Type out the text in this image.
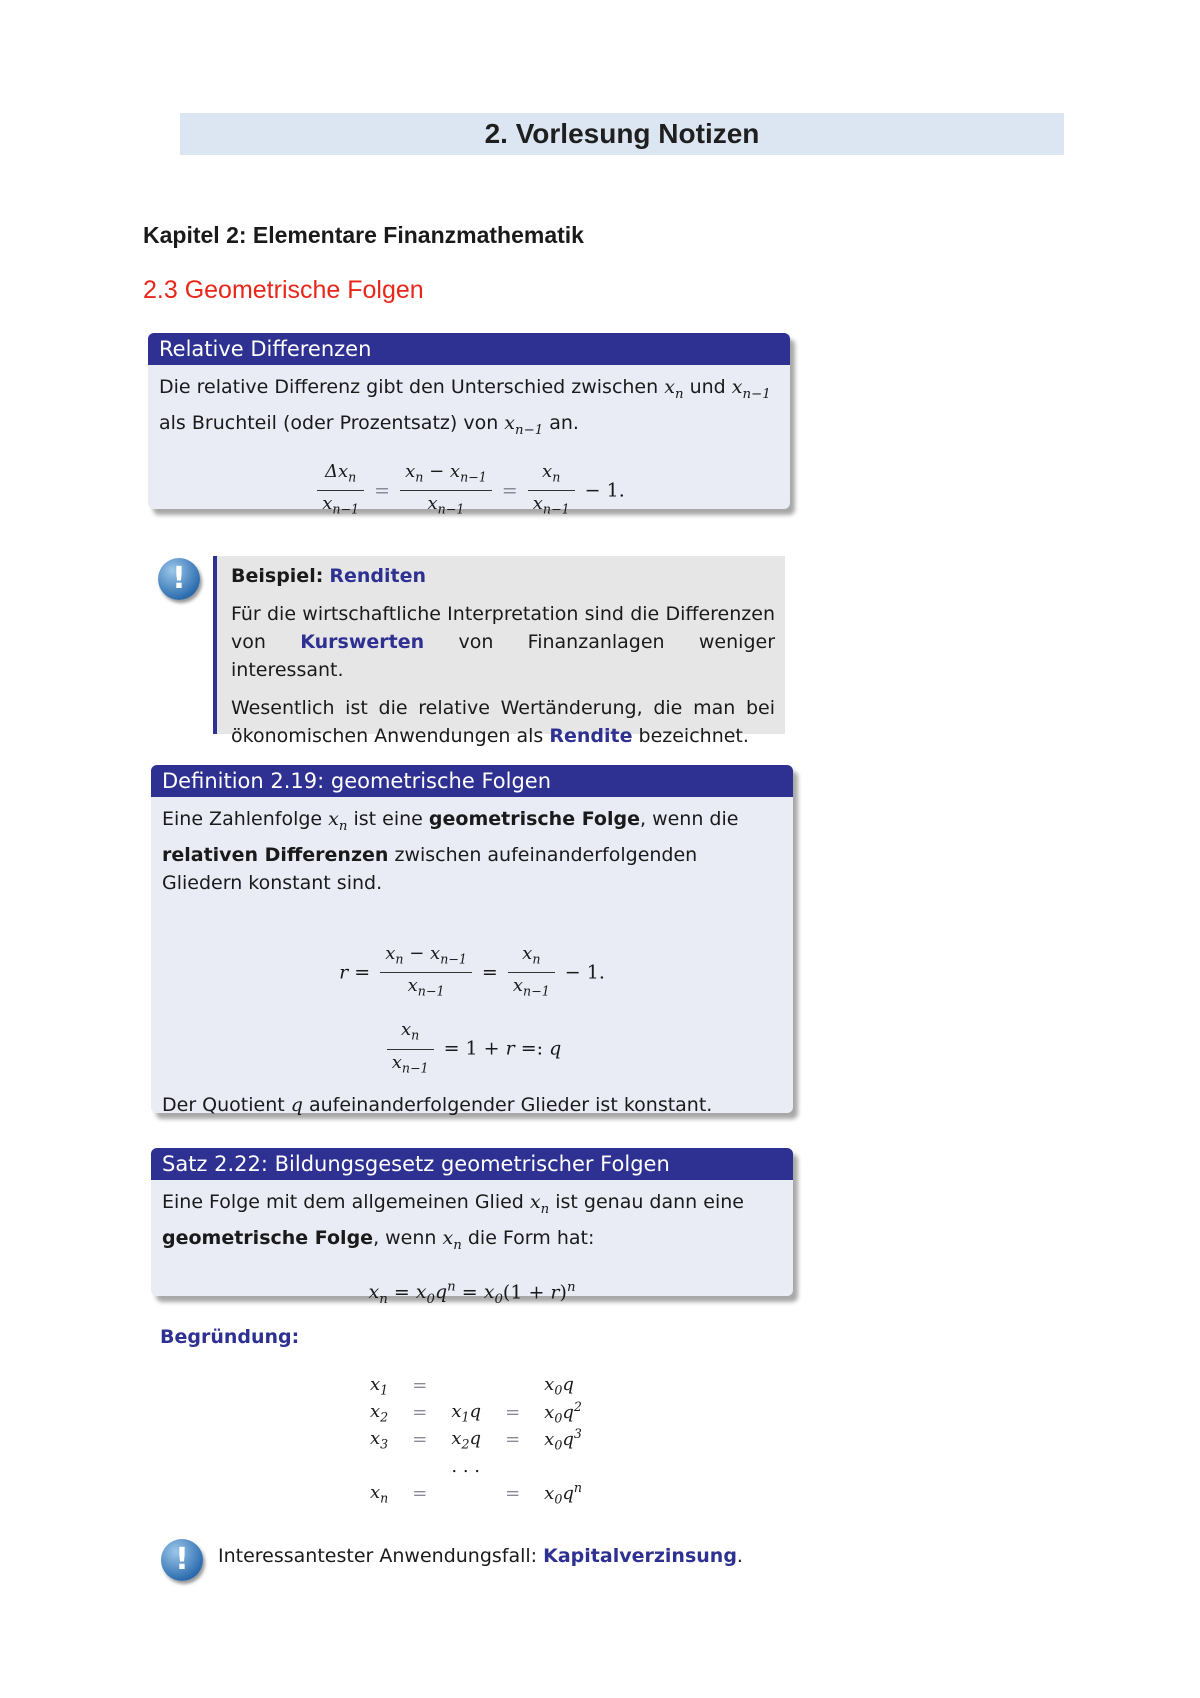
2. Vorlesung Notizen
Kapitel 2: Elementare Finanzmathematik
2.3 Geometrische Folgen
Relative Differenzen
Die relative Differenz gibt den Unterschied zwischen $x_n$ und $x_{n-1}$
als Bruchteil (oder Prozentsatz) von $x_{n-1}$ an.
$\frac{\Delta x_n}{x_{n-1}} = \frac{x_n - x_{n-1}}{x_{n-1}} = \frac{x_n}{x_{n-1}} - 1$.
!	Beispiel: Renditen

Für die wirtschaftliche Interpretation sind die Differenzen von Kurswerten von Finanzanlagen weniger interessant.

Wesentlich ist die relative Wertänderung, die man bei ökonomischen Anwendungen als Rendite bezeichnet.

Definition 2.19: geometrische Folgen
Eine Zahlenfolge $x_n$ ist eine geometrische Folge, wenn die relativen Differenzen zwischen aufeinanderfolgenden Gliedern konstant sind.
$r = \frac{x_n - x_{n-1}}{x_{n-1}} = \frac{x_n}{x_{n-1}} - 1$.
$\frac{x_n}{x_{n-1}} = 1 + r$ =: q
Der Quotient q aufeinanderfolgender Glieder ist konstant.
Satz 2.22: Bildungsgesetz geometrischer Folgen
Eine Folge mit dem allgemeinen Glied $x_n$ ist genau dann eine
geometrische Folge, wenn $x_n$ die Form hat:
$x_n = x_0q^n = x_0(1 + r)^n$
Begründung:
$x_1$	=			$x_0q$
$x_2$	=	$x_1q$	=	$x_0q^2$
$x_3$	=	$x_2q$	=	$x_0q^3$
		. . .		
$x_n$	=		=	$x_0q^n$
!	Interessantester Anwendungsfall: Kapitalverzinsung.
